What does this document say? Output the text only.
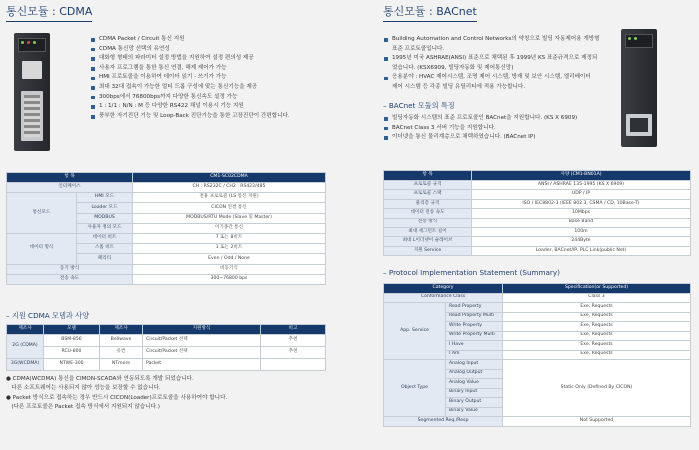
통신모듈 : CDMA
CDMA Packet / Circuit 통신 지원
CDMA 통신망 선택의 유연성
대화형 형태의 파라미터 설정 방법을 지원하여 설정 편의성 제공
사용자 프로그램을 통한 통신 연결, 해제 제어가 가능
HMI 프로토콜을 이용하여 데이터 읽기 · 쓰기가 가능
최대 32대 접속이 가능한 멀티 드롭 구성에 맞는 통신기능을 제공
300bps에서 76800bps까지 다양한 통신속도 설정 가능
1 : 1/1 : N/N : M 등 다양한 RS422 채널 이용시 기능 지원
풍부한 자기진단 기능 및 Loop-Back 진단기능을 통한 고장진단이 간편합니다.
항 목		CM1-SC02CDMA
인터페이스		CH : RS232C / CH2 : RS422/485
통신모드	HMI 모드	전용 프로토콜 (LS 통신 지원)
	Loader 모드	CICON 연결 통신
	MODBUS	MODBUS/RTU Mode (Slave 및 Master)
	사용자 정의 모드	이기종간 통신
데이터 형식	데이터 비트	7 또는 8비트
	스톱 비트	1 또는 2비트
	패리티	Even / Odd / None
동기 방식		비동기식
전송 속도		300~76800 bps
– 지원 CDMA 모뎀과 사양
제조사	모델	제조사	지원방식	비고
2G (CDMA)	BSM-856	Bellwave	Circuit/Packet 선택	추천
	RCU-800	유컨	Circuit/Packet 선택	추천
3G(WCDMA)	NTWE-300	NTmore	Packet	
● CDMA(WCDMA) 통신을 CIMON-SCADA와 연동되도록 개발 되었습니다.
다른 소프트웨어는 사용되지 않아 성능을 보장할 수 없습니다.
● Packet 방식으로 접속하는 경우 반드시 CICON(Loader)프로토콜을 사용하여야 합니다.
(다른 프로토콜은 Packet 접속 방식에서 지원되지 않습니다.)
통신모듈 : BACnet
Building Automation and Control Networks의 약칭으로 빌딩 자동제어용 개방형
표준 프로토콜입니다.
1995년 미국 ASHRAE(ANSI) 표준으로 채택된 후 1999년 KS 표준규격으로 제정되
었습니다. (KSX6909, 빌딩자동화 및 제어통신망)
응용분야 : HVAC 제어시스템, 조명 제어 시스템, 방재 및 보안 시스템, 엘리베이터
제어 시스템 등 각종 빌딩 유틸리티에 적용 가능합니다.
– BACnet 모듈의 특징
빌딩자동화 시스템의 표준 프로토콜인 BACnet을 지원합니다. (KS X 6909)
BACnet Class 3 서버 기능을 지원합니다.
이더넷을 통신 물리계층으로 채택하였습니다. (BACnet IP)
항 목	사양 (CM1-BN01A)
프로토콜 규격	ANSI / ASHRAE 135-1995 (KS X 6909)
프로토콜 스택	UDP / IP
물리층 규격	ISO / IEC8802-3 (IEEE 802.3, CSMA / CD, 10Base-T)
데이터 전송 속도	10Mbps
전송 방식	Base Band
최대 세그먼트 길이	100m
최대 L이더넷이 슬레이브	244Byte
지원 Service	Loader, BACnet/IP, PLC Link(public Net)
– Protocol Implementation Statement (Summary)
Category		Specification(or Supported)
Conformance Class		Class 3
App. Service	Read Property	Exe, Requests
	Read Property Multi	Exe, Requests
	Write Property	Exe, Requests
	Write Property Multi	Exe, Requests
	I Have	Exe, Requests
	I Am	Exe, Requests
Object Type	Analog Input	Static Only (Defined By CICON)
	Analog Output	
	Analog Value	
	Binary Input	
	Binary Output	
	Binary Value	
Segmented Req./Resp		Not Supported
